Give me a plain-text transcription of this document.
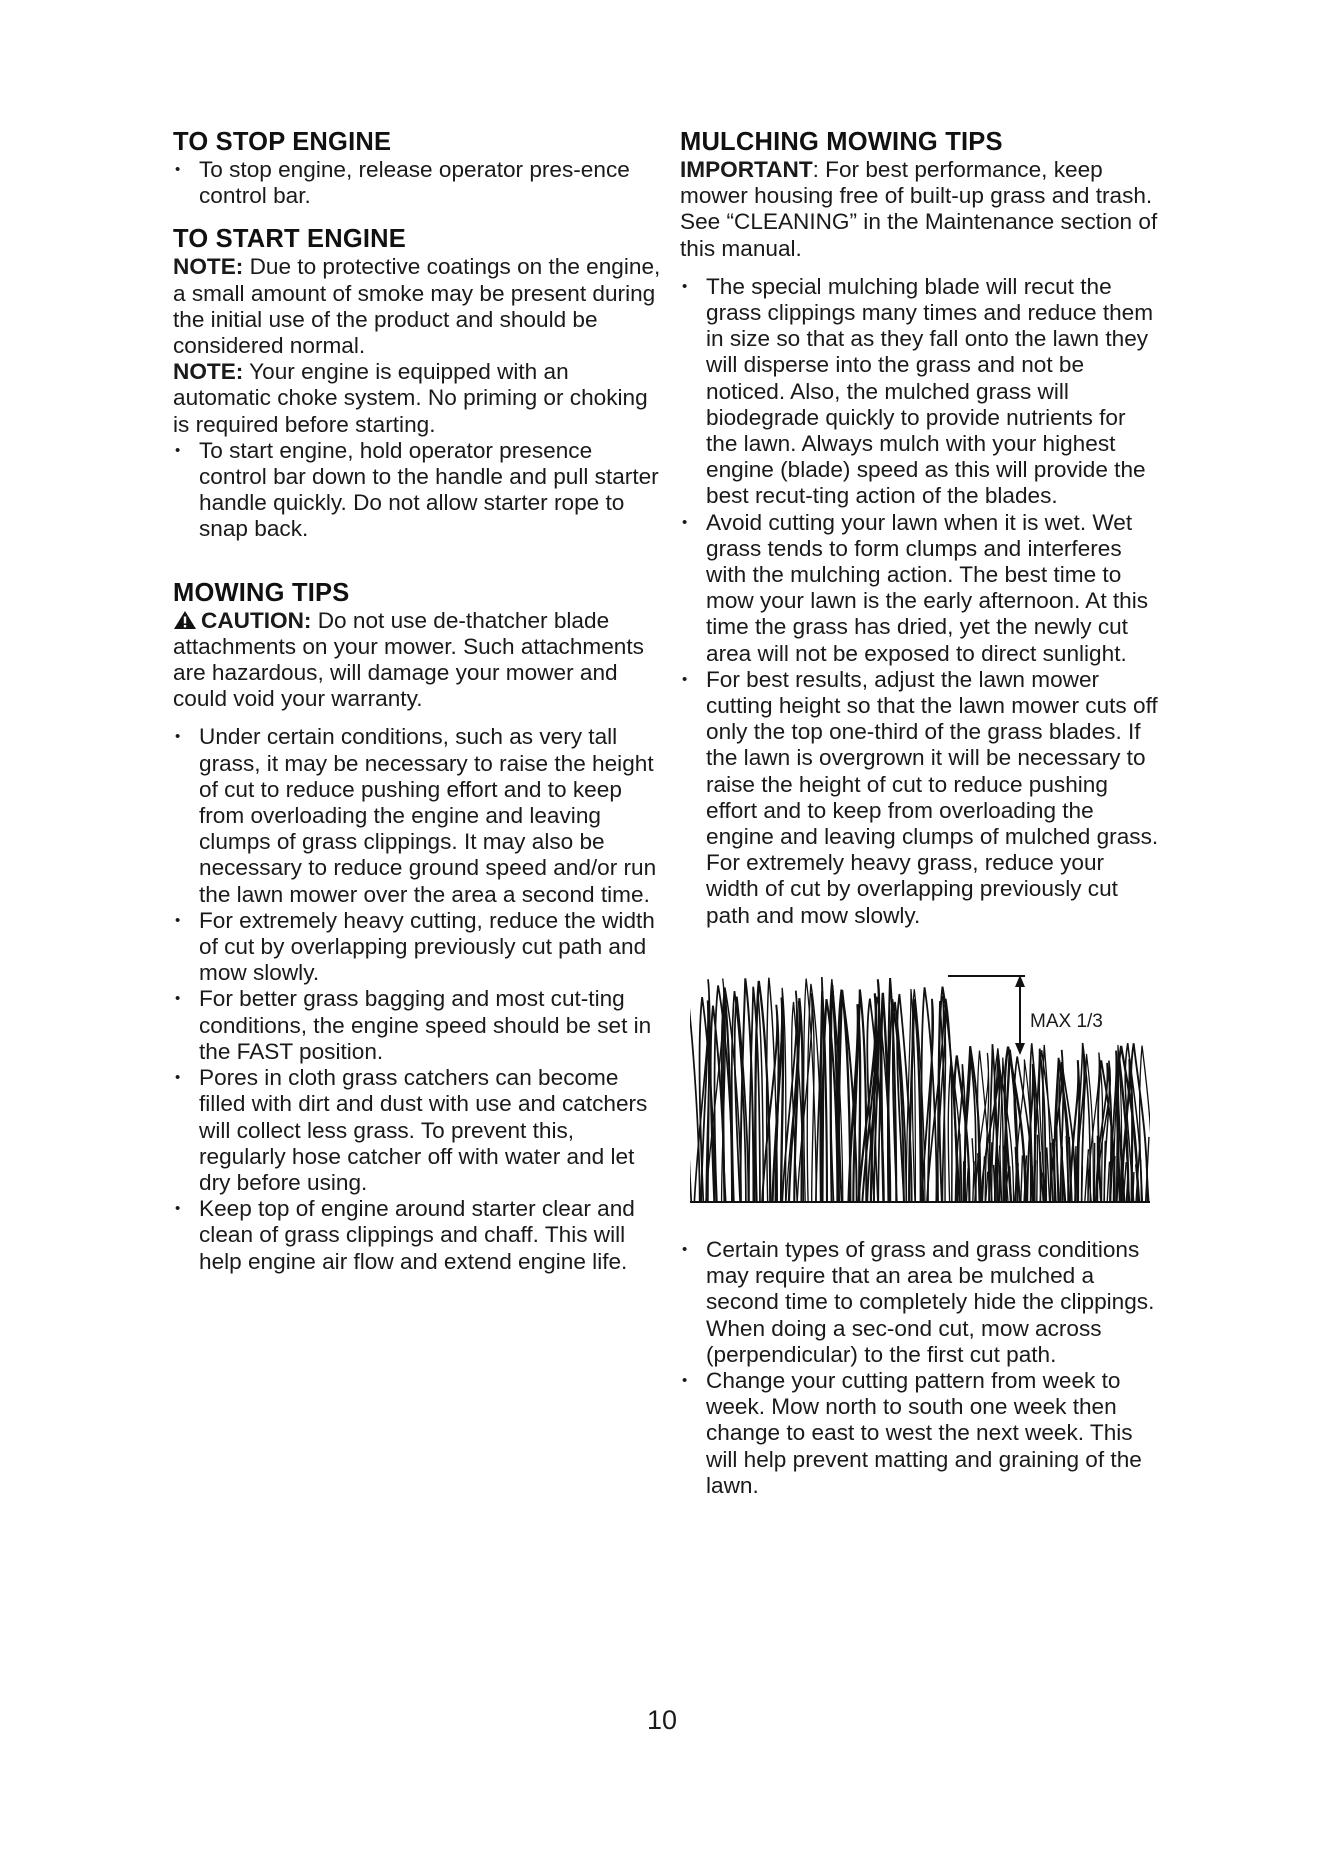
TO STOP ENGINE
• To stop engine, release operator pres-ence control bar.
TO START ENGINE

NOTE: Due to protective coatings on the engine, a small amount of smoke may be present during the initial use of the product and should be considered normal.

NOTE: Your engine is equipped with an automatic choke system. No priming or choking is required before starting.

• To start engine, hold operator presence control bar down to the handle and pull starter handle quickly. Do not allow starter rope to snap back.
MOWING TIPS

CAUTION: Do not use de-thatcher blade attachments on your mower. Such attachments are hazardous, will damage your mower and could void your warranty.

• Under certain conditions, such as very tall grass, it may be necessary to raise the height of cut to reduce pushing effort and to keep from overloading the engine and leaving clumps of grass clippings. It may also be necessary to reduce ground speed and/or run the lawn mower over the area a second time.
• For extremely heavy cutting, reduce the width of cut by overlapping previously cut path and mow slowly.
• For better grass bagging and most cut-ting conditions, the engine speed should be set in the FAST position.
• Pores in cloth grass catchers can become filled with dirt and dust with use and catchers will collect less grass. To prevent this, regularly hose catcher off with water and let dry before using.
• Keep top of engine around starter clear and clean of grass clippings and chaff. This will help engine air flow and extend engine life.
MULCHING MOWING TIPS

IMPORTANT: For best performance, keep mower housing free of built-up grass and trash. See “CLEANING” in the Maintenance section of this manual.

• The special mulching blade will recut the grass clippings many times and reduce them in size so that as they fall onto the lawn they will disperse into the grass and not be noticed. Also, the mulched grass will biodegrade quickly to provide nutrients for the lawn. Always mulch with your highest engine (blade) speed as this will provide the best recut-ting action of the blades.
• Avoid cutting your lawn when it is wet. Wet grass tends to form clumps and interferes with the mulching action. The best time to mow your lawn is the early afternoon. At this time the grass has dried, yet the newly cut area will not be exposed to direct sunlight.
• For best results, adjust the lawn mower cutting height so that the lawn mower cuts off only the top one-third of the grass blades. If the lawn is overgrown it will be necessary to raise the height of cut to reduce pushing effort and to keep from overloading the engine and leaving clumps of mulched grass. For extremely heavy grass, reduce your width of cut by overlapping previously cut path and mow slowly.
MAX 1/3
• Certain types of grass and grass conditions may require that an area be mulched a second time to completely hide the clippings. When doing a sec-ond cut, mow across (perpendicular) to the first cut path.
• Change your cutting pattern from week to week. Mow north to south one week then change to east to west the next week. This will help prevent matting and graining of the lawn.
10
